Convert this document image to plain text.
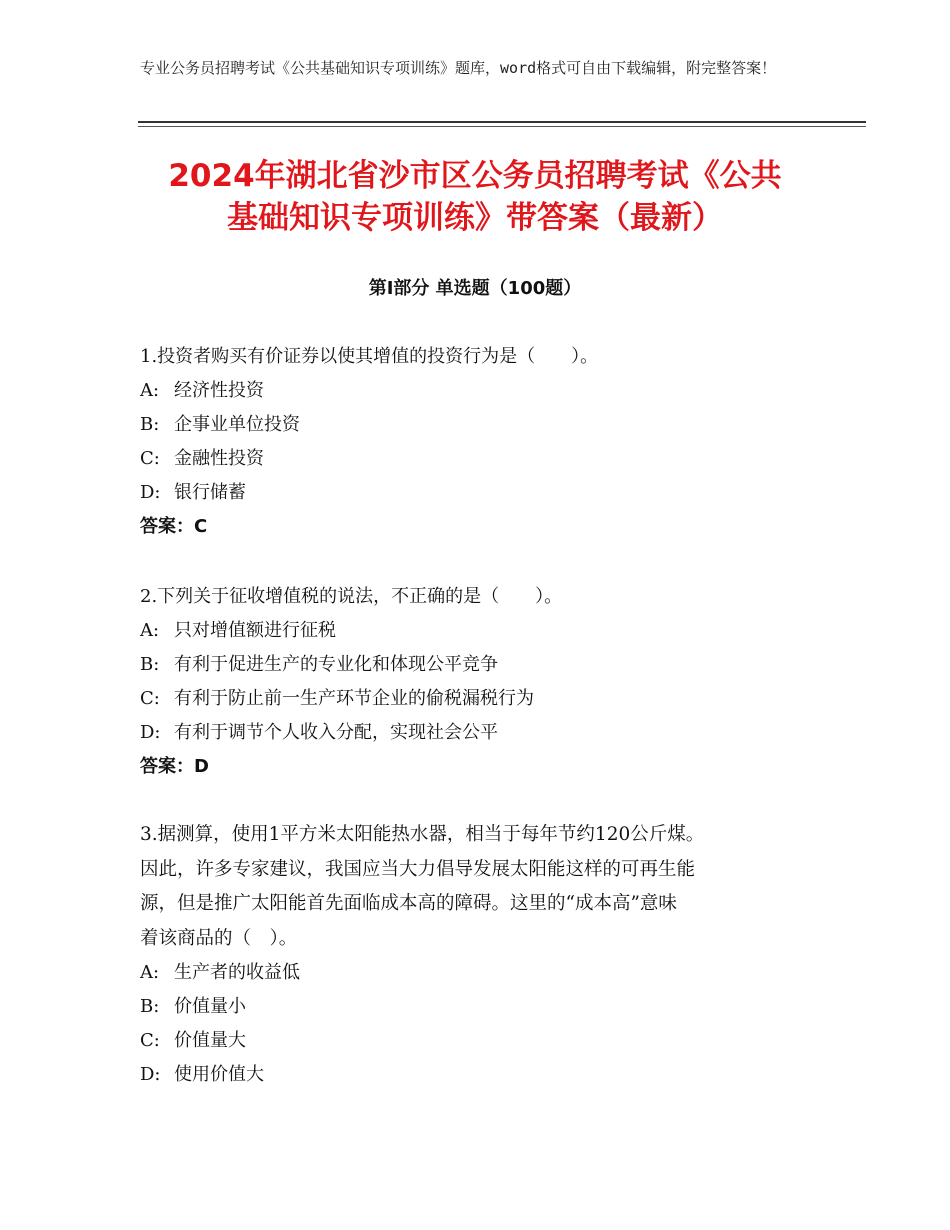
专业公务员招聘考试《公共基础知识专项训练》题库，word格式可自由下载编辑，附完整答案！
2024年湖北省沙市区公务员招聘考试《公共
基础知识专项训练》带答案（最新）
第Ⅰ部分 单选题（100题）
1.投资者购买有价证券以使其增值的投资行为是（　　）。
A: 经济性投资
B: 企事业单位投资
C: 金融性投资
D: 银行储蓄
答案：C
2.下列关于征收增值税的说法，不正确的是（　　）。
A: 只对增值额进行征税
B: 有利于促进生产的专业化和体现公平竞争
C: 有利于防止前一生产环节企业的偷税漏税行为
D: 有利于调节个人收入分配，实现社会公平
答案：D
3.据测算，使用1平方米太阳能热水器，相当于每年节约120公斤煤。
因此，许多专家建议，我国应当大力倡导发展太阳能这样的可再生能
源，但是推广太阳能首先面临成本高的障碍。这里的“成本高”意味
着该商品的（　）。
A: 生产者的收益低
B: 价值量小
C: 价值量大
D: 使用价值大
